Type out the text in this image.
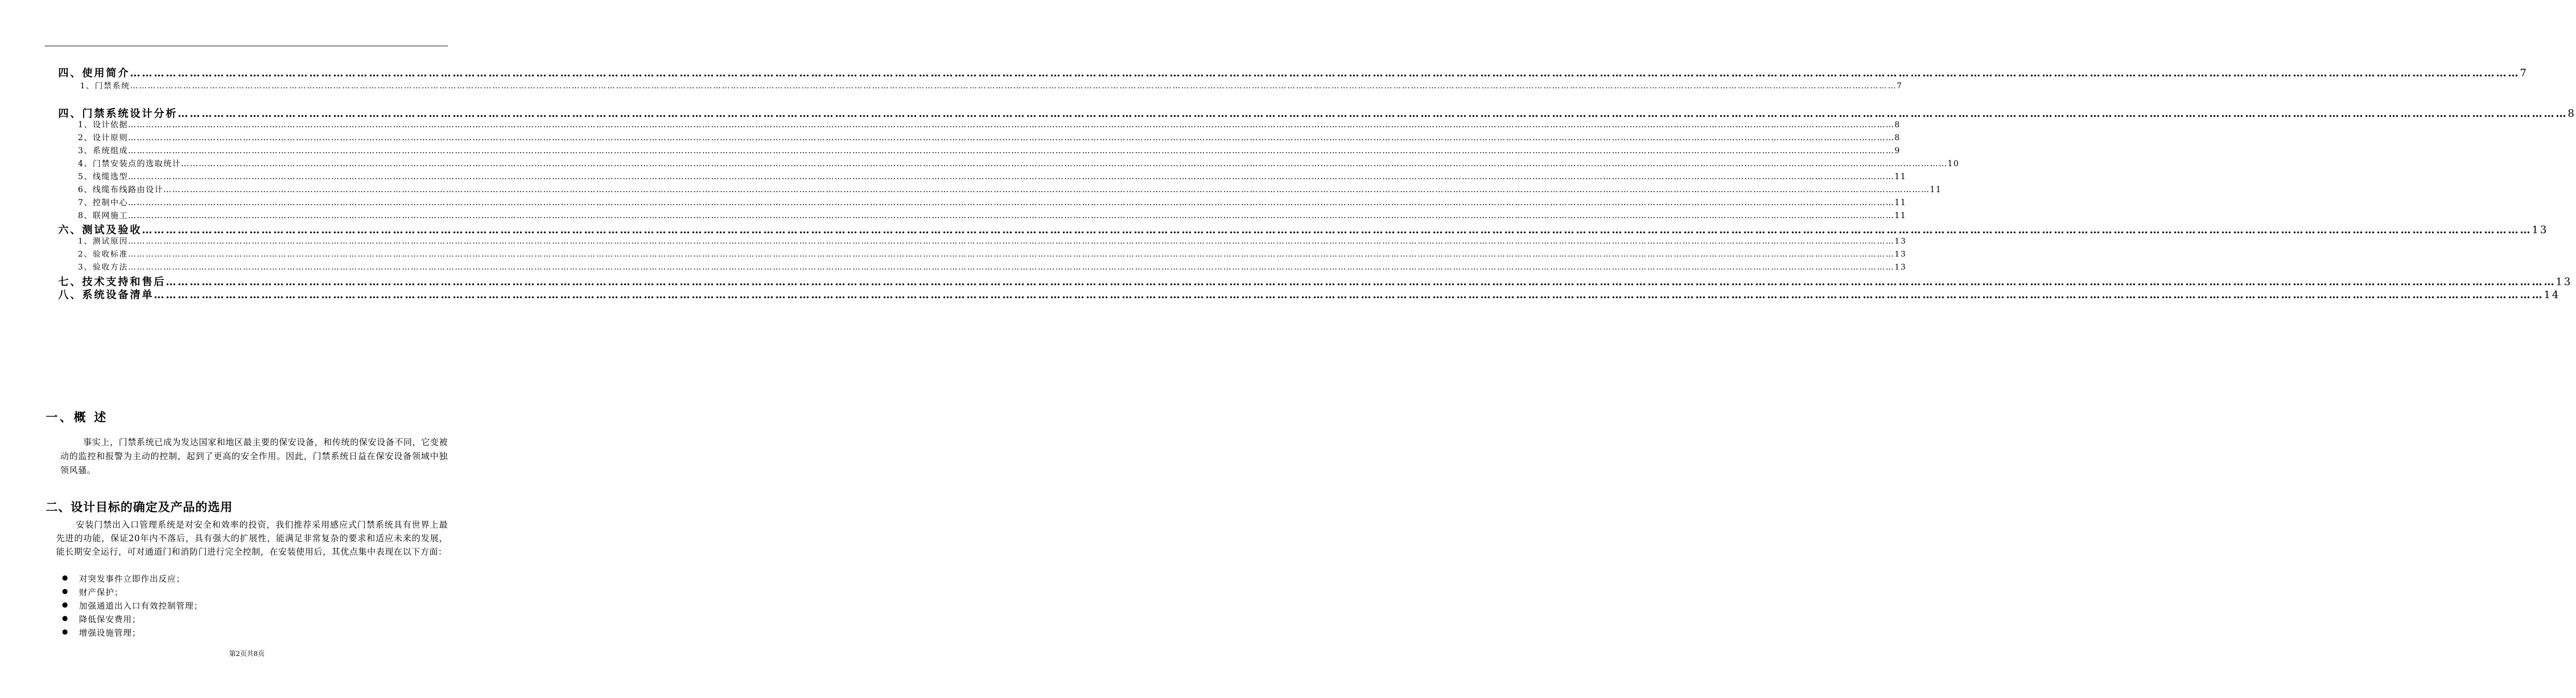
四、使用简介 …………………………………………………………………………………………………………………………………………………………………………………………………………………………………………………………………………………………………………………………………………………………………………………………………………………………………………………………………………………………………………………………………………………… 7
1、门禁系统 …………………………………………………………………………………………………………………………………………………………………………………………………………………………………………………………………………………………………………………………………………………………………………………………………………………………………………………………………………………………………………………………………………………… 7
四、门禁系统设计分析 …………………………………………………………………………………………………………………………………………………………………………………………………………………………………………………………………………………………………………………………………………………………………………………………………………………………………………………………………………………………………………………………………………………… 8
1、设计依据 …………………………………………………………………………………………………………………………………………………………………………………………………………………………………………………………………………………………………………………………………………………………………………………………………………………………………………………………………………………………………………………………………………………… 8
2、设计原则 …………………………………………………………………………………………………………………………………………………………………………………………………………………………………………………………………………………………………………………………………………………………………………………………………………………………………………………………………………………………………………………………………………………… 8
3、系统组成 …………………………………………………………………………………………………………………………………………………………………………………………………………………………………………………………………………………………………………………………………………………………………………………………………………………………………………………………………………………………………………………………………………………… 9
4、门禁安装点的选取统计 …………………………………………………………………………………………………………………………………………………………………………………………………………………………………………………………………………………………………………………………………………………………………………………………………………………………………………………………………………………………………………………………………………………… 10
5、线缆选型 …………………………………………………………………………………………………………………………………………………………………………………………………………………………………………………………………………………………………………………………………………………………………………………………………………………………………………………………………………………………………………………………………………………… 11
6、线缆布线路由设计 …………………………………………………………………………………………………………………………………………………………………………………………………………………………………………………………………………………………………………………………………………………………………………………………………………………………………………………………………………………………………………………………………………………… 11
7、控制中心 …………………………………………………………………………………………………………………………………………………………………………………………………………………………………………………………………………………………………………………………………………………………………………………………………………………………………………………………………………………………………………………………………………………… 11
8、联网施工 …………………………………………………………………………………………………………………………………………………………………………………………………………………………………………………………………………………………………………………………………………………………………………………………………………………………………………………………………………………………………………………………………………………… 11
六、测试及验收 …………………………………………………………………………………………………………………………………………………………………………………………………………………………………………………………………………………………………………………………………………………………………………………………………………………………………………………………………………………………………………………………………………………… 13
1、测试原因 …………………………………………………………………………………………………………………………………………………………………………………………………………………………………………………………………………………………………………………………………………………………………………………………………………………………………………………………………………………………………………………………………………………… 13
2、验收标准 …………………………………………………………………………………………………………………………………………………………………………………………………………………………………………………………………………………………………………………………………………………………………………………………………………………………………………………………………………………………………………………………………………………… 13
3、验收方法 …………………………………………………………………………………………………………………………………………………………………………………………………………………………………………………………………………………………………………………………………………………………………………………………………………………………………………………………………………………………………………………………………………………… 13
七、技术支持和售后 …………………………………………………………………………………………………………………………………………………………………………………………………………………………………………………………………………………………………………………………………………………………………………………………………………………………………………………………………………………………………………………………………………………… 13
八、系统设备清单 …………………………………………………………………………………………………………………………………………………………………………………………………………………………………………………………………………………………………………………………………………………………………………………………………………………………………………………………………………………………………………………………………………………… 14
一、概 述
事实上，门禁系统已成为发达国家和地区最主要的保安设备，和传统的保安设备不同，它变被动的监控和报警为主动的控制，起到了更高的安全作用。因此，门禁系统日益在保安设备领域中独领风骚。
二、设计目标的确定及产品的选用
安装门禁出入口管理系统是对安全和效率的投资，我们推荐采用感应式门禁系统具有世界上最先进的功能，保证20年内不落后，具有强大的扩展性，能满足非常复杂的要求和适应未来的发展，能长期安全运行，可对通道门和消防门进行完全控制，在安装使用后，其优点集中表现在以下方面：
对突发事件立即作出反应；
财产保护；
加强通道出入口有效控制管理；
降低保安费用；
增强设施管理；
第2页共8页
